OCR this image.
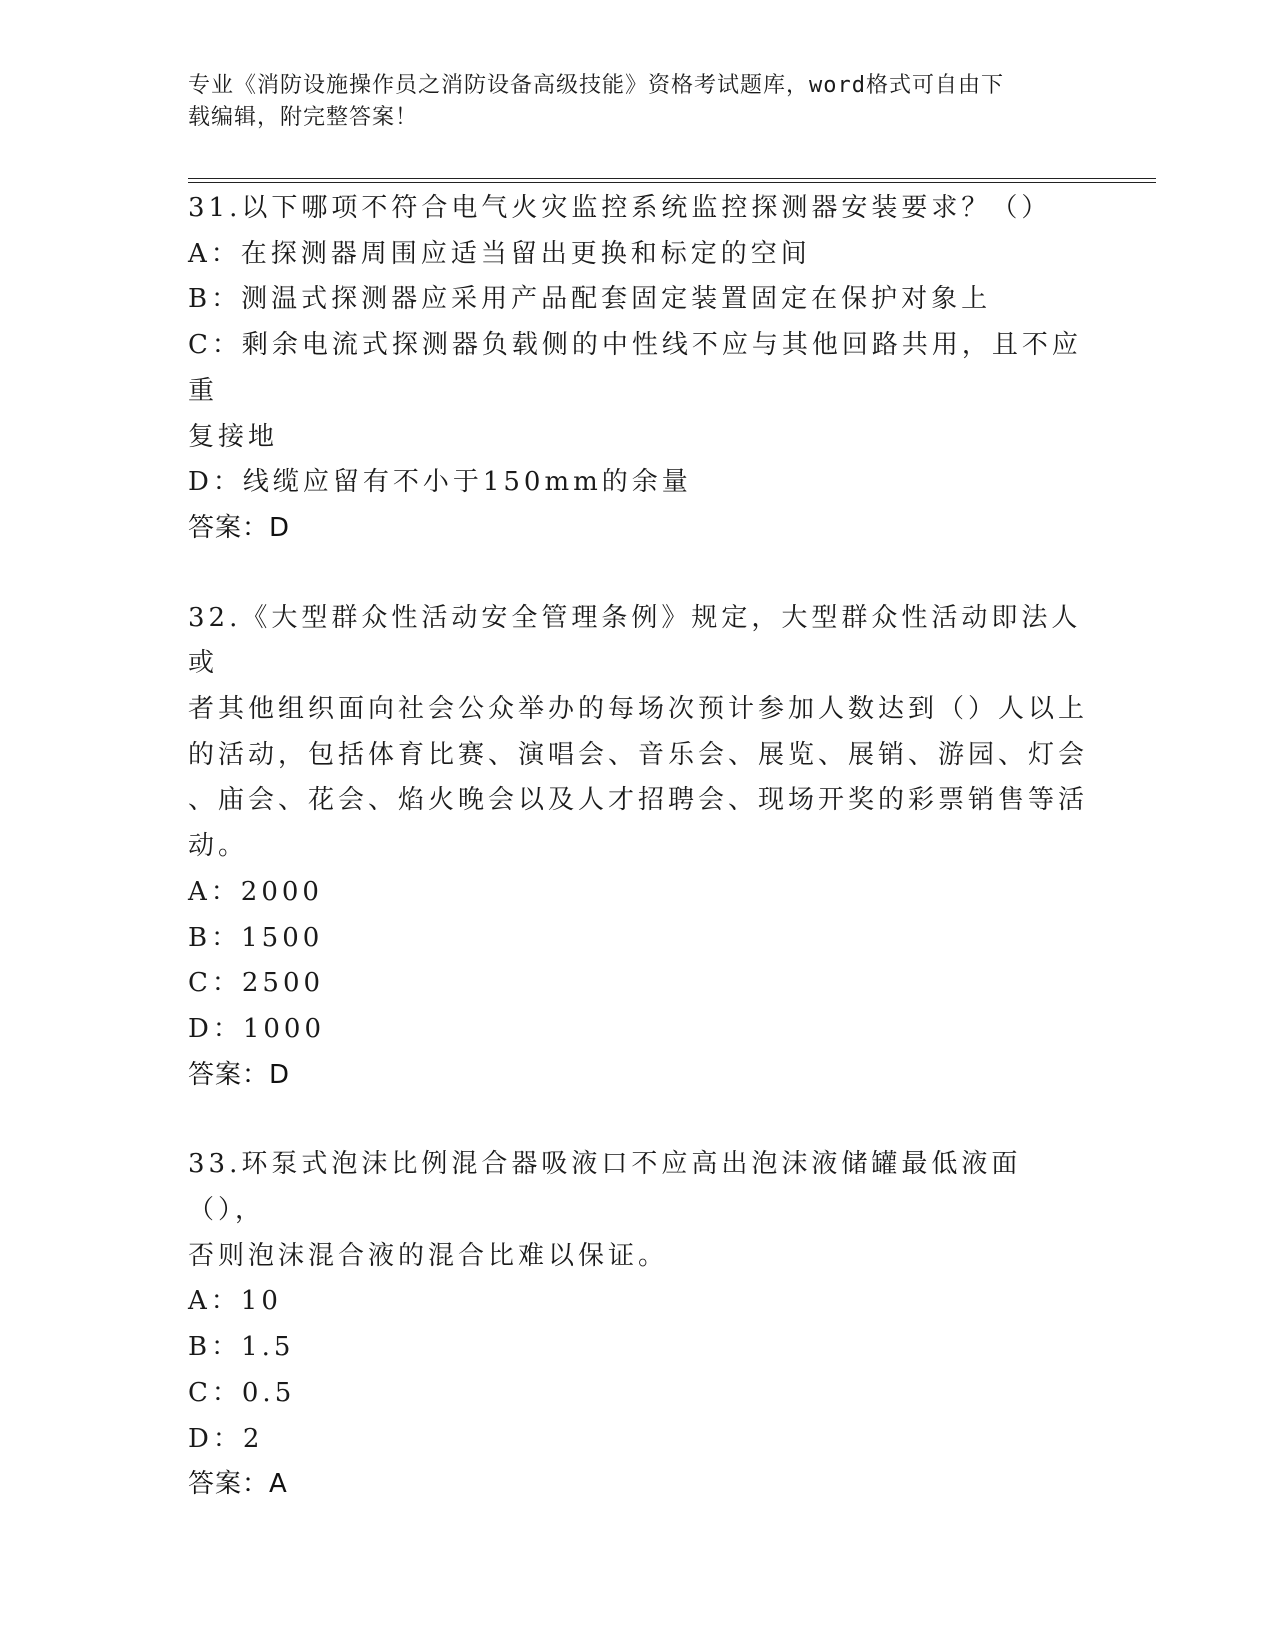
专业《消防设施操作员之消防设备高级技能》资格考试题库，word格式可自由下
载编辑，附完整答案！

31.以下哪项不符合电气火灾监控系统监控探测器安装要求？（）

A：在探测器周围应适当留出更换和标定的空间

B：测温式探测器应采用产品配套固定装置固定在保护对象上

C：剩余电流式探测器负载侧的中性线不应与其他回路共用，且不应重

复接地

D：线缆应留有不小于150mm的余量

答案：D

32.《大型群众性活动安全管理条例》规定，大型群众性活动即法人或

者其他组织面向社会公众举办的每场次预计参加人数达到（）人以上

的活动，包括体育比赛、演唱会、音乐会、展览、展销、游园、灯会

、庙会、花会、焰火晚会以及人才招聘会、现场开奖的彩票销售等活

动。

A：2000

B：1500

C：2500

D：1000

答案：D

33.环泵式泡沫比例混合器吸液口不应高出泡沫液储罐最低液面（），

否则泡沫混合液的混合比难以保证。

A：10

B：1.5

C：0.5

D：2

答案：A
